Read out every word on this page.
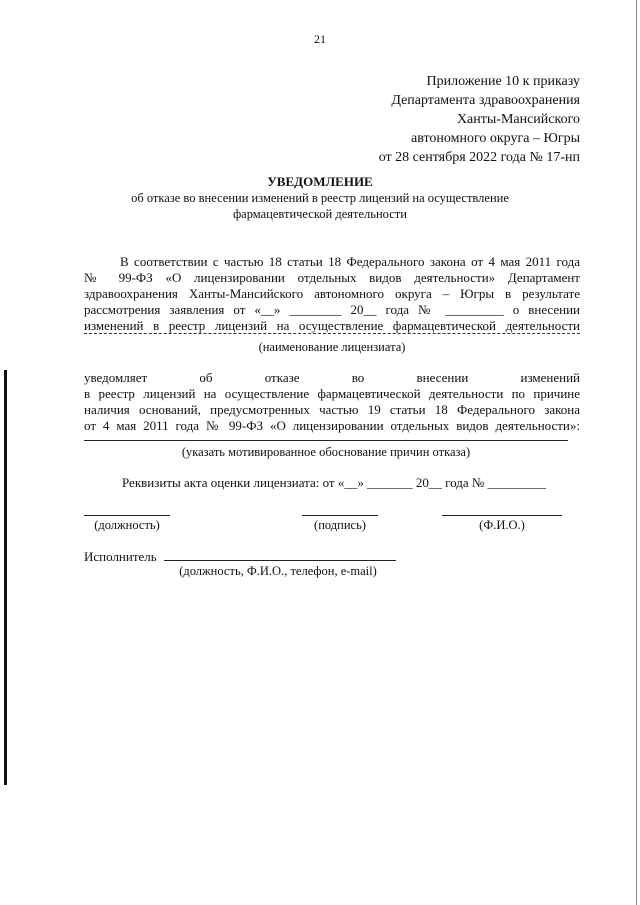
21
Приложение 10 к приказу
Департамента здравоохранения
Ханты-Мансийского
автономного округа – Югры
от 28 сентября 2022 года № 17-нп
УВЕДОМЛЕНИЕ
об отказе во внесении изменений в реестр лицензий на осуществление
фармацевтической деятельности
В соответствии с частью 18 статьи 18 Федерального закона от 4 мая 2011 года
№ 99-ФЗ «О лицензировании отдельных видов деятельности» Департамент
здравоохранения Ханты-Мансийского автономного округа – Югры в результате
рассмотрения заявления от «__» ________ 20__ года № _________ о внесении
изменений в реестр лицензий на осуществление фармацевтической деятельности
(наименование лицензиата)
уведомляет об отказе во внесении изменений
в реестр лицензий на осуществление фармацевтической деятельности по причине
наличия оснований, предусмотренных частью 19 статьи 18 Федерального закона
от 4 мая 2011 года № 99-ФЗ «О лицензировании отдельных видов деятельности»:
(указать мотивированное обоснование причин отказа)
Реквизиты акта оценки лицензиата: от «__» _______ 20__ года № _________
(должность)	(подпись)	(Ф.И.О.)
Исполнитель
(должность, Ф.И.О., телефон, e-mail)
